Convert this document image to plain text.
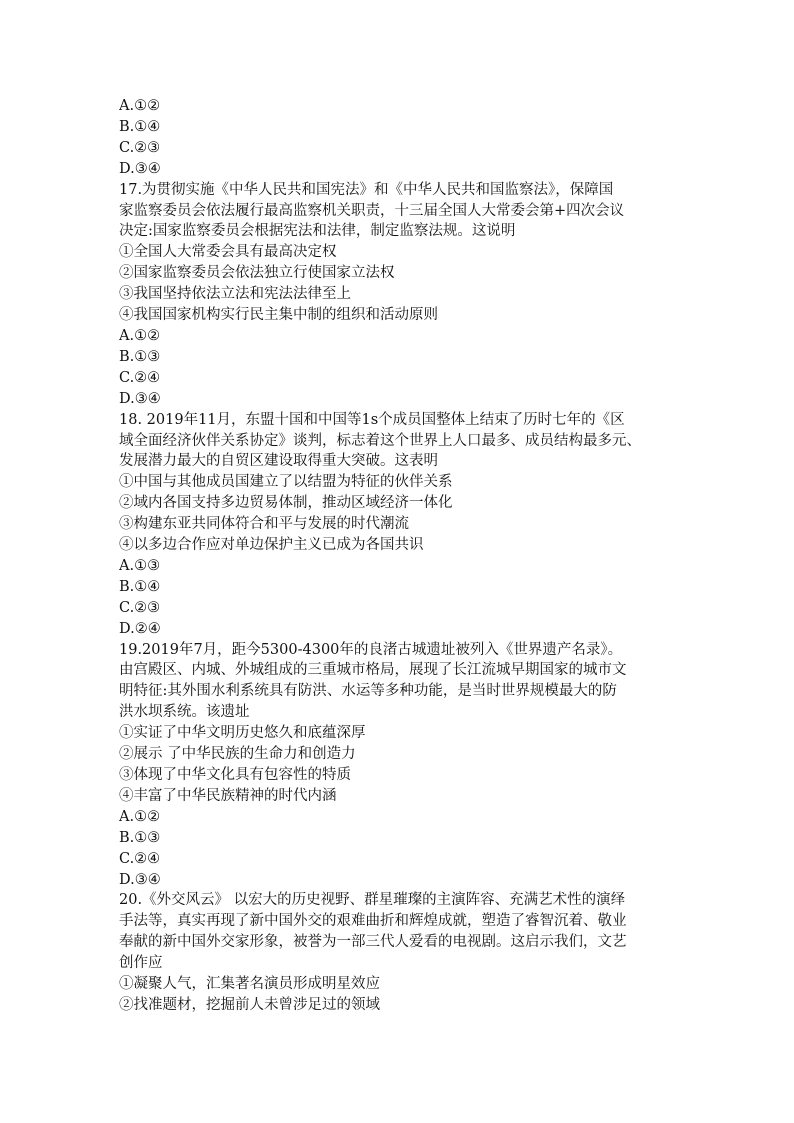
A.①②
B.①④
C.②③
D.③④
17.为贯彻实施《中华人民共和国宪法》和《中华人民共和国监察法》，保障国
家监察委员会依法履行最高监察机关职责，十三届全国人大常委会第+四次会议
决定:国家监察委员会根据宪法和法律，制定监察法规。这说明
①全国人大常委会具有最高决定权
②国家监察委员会依法独立行使国家立法权
③我国坚持依法立法和宪法法律至上
④我国国家机构实行民主集中制的组织和活动原则
A.①②
B.①③
C.②④
D.③④
18. 2019年11月，东盟十国和中国等1s个成员国整体上结束了历时七年的《区
域全面经济伙伴关系协定》谈判，标志着这个世界上人口最多、成员结构最多元、
发展潜力最大的自贸区建设取得重大突破。这表明
①中国与其他成员国建立了以结盟为特征的伙伴关系
②域内各国支持多边贸易体制，推动区域经济一体化
③构建东亚共同体符合和平与发展的时代潮流
④以多边合作应对单边保护主义已成为各国共识
A.①③
B.①④
C.②③
D.②④
19.2019年7月，距今5300-4300年的良渚古城遗址被列入《世界遗产名录》。
由宫殿区、内城、外城组成的三重城市格局，展现了长江流城早期国家的城市文
明特征:其外围水利系统具有防洪、水运等多种功能，是当时世界规模最大的防
洪水坝系统。该遗址
①实证了中华文明历史悠久和底蕴深厚
②展示 了中华民族的生命力和创造力
③体现了中华文化具有包容性的特质
④丰富了中华民族精神的时代内涵
A.①②
B.①③
C.②④
D.③④
20.《外交风云》 以宏大的历史视野、群星璀璨的主演阵容、充满艺术性的演绎
手法等，真实再现了新中国外交的艰难曲折和辉煌成就，塑造了睿智沉着、敬业
奉献的新中国外交家形象，被誉为一部三代人爱看的电视剧。这启示我们，文艺
创作应
①凝聚人气，汇集著名演员形成明星效应
②找准题材，挖掘前人未曾涉足过的领域
